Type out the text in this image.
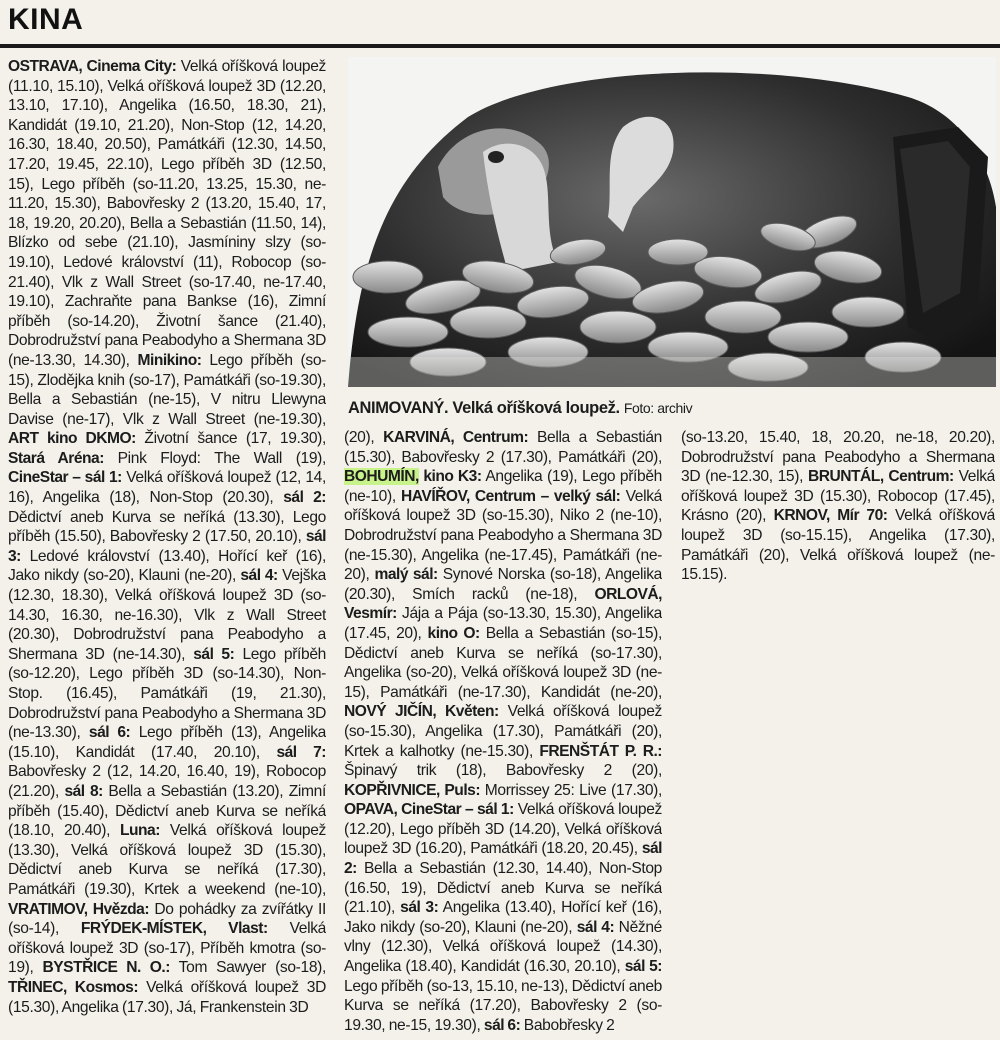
KINA

OSTRAVA, Cinema City: Velká oříšková loupež (11.10, 15.10), Velká oříšková loupež 3D (12.20, 13.10, 17.10), Angelika (16.50, 18.30, 21), Kandidát (19.10, 21.20), Non-Stop (12, 14.20, 16.30, 18.40, 20.50), Památkáři (12.30, 14.50, 17.20, 19.45, 22.10), Lego příběh 3D (12.50, 15), Lego příběh (so-11.20, 13.25, 15.30, ne-11.20, 15.30), Babovřesky 2 (13.20, 15.40, 17, 18, 19.20, 20.20), Bella a Sebastián (11.50, 14), Blízko od sebe (21.10), Jasmíniny slzy (so-19.10), Ledové království (11), Robocop (so-21.40), Vlk z Wall Street (so-17.40, ne-17.40, 19.10), Zachraňte pana Bankse (16), Zimní příběh (so-14.20), Životní šance (21.40), Dobrodružství pana Peabodyho a Shermana 3D (ne-13.30, 14.30), Minikino: Lego příběh (so-15), Zlodějka knih (so-17), Památkáři (so-19.30), Bella a Sebastián (ne-15), V nitru Llewyna Davise (ne-17), Vlk z Wall Street (ne-19.30), ART kino DKMO: Životní šance (17, 19.30), Stará Aréna: Pink Floyd: The Wall (19), CineStar – sál 1: Velká oříšková loupež (12, 14, 16), Angelika (18), Non-Stop (20.30), sál 2: Dědictví aneb Kurva se neříká (13.30), Lego příběh (15.50), Babovřesky 2 (17.50, 20.10), sál 3: Ledové království (13.40), Hořící keř (16), Jako nikdy (so-20), Klauni (ne-20), sál 4: Vejška (12.30, 18.30), Velká oříšková loupež 3D (so-14.30, 16.30, ne-16.30), Vlk z Wall Street (20.30), Dobrodružství pana Peabodyho a Shermana 3D (ne-14.30), sál 5: Lego příběh (so-12.20), Lego příběh 3D (so-14.30), Non-Stop. (16.45), Památkáři (19, 21.30), Dobrodružství pana Peabodyho a Shermana 3D (ne-13.30), sál 6: Lego příběh (13), Angelika (15.10), Kandidát (17.40, 20.10), sál 7: Babovřesky 2 (12, 14.20, 16.40, 19), Robocop (21.20), sál 8: Bella a Sebastián (13.20), Zimní příběh (15.40), Dědictví aneb Kurva se neříká (18.10, 20.40), Luna: Velká oříšková loupež (13.30), Velká oříšková loupež 3D (15.30), Dědictví aneb Kurva se neříká (17.30), Památkáři (19.30), Krtek a weekend (ne-10), VRATIMOV, Hvězda: Do pohádky za zvířátky II (so-14), FRÝDEK-MÍSTEK, Vlast: Velká oříšková loupež 3D (so-17), Příběh kmotra (so-19), BYSTŘICE N. O.: Tom Sawyer (so-18), TŘINEC, Kosmos: Velká oříšková loupež 3D (15.30), Angelika (17.30), Já, Frankenstein 3D

(20), KARVINÁ, Centrum: Bella a Sebastián (15.30), Babovřesky 2 (17.30), Památkáři (20), BOHUMÍN, kino K3: Angelika (19), Lego příběh (ne-10), HAVÍŘOV, Centrum – velký sál: Velká oříšková loupež 3D (so-15.30), Niko 2 (ne-10), Dobrodružství pana Peabodyho a Shermana 3D (ne-15.30), Angelika (ne-17.45), Památkáři (ne-20), malý sál: Synové Norska (so-18), Angelika (20.30), Smích racků (ne-18), ORLOVÁ, Vesmír: Jája a Pája (so-13.30, 15.30), Angelika (17.45, 20), kino O: Bella a Sebastián (so-15), Dědictví aneb Kurva se neříká (so-17.30), Angelika (so-20), Velká oříšková loupež 3D (ne-15), Památkáři (ne-17.30), Kandidát (ne-20), NOVÝ JIČÍN, Květen: Velká oříšková loupež (so-15.30), Angelika (17.30), Památkáři (20), Krtek a kalhotky (ne-15.30), FRENŠTÁT P. R.: Špinavý trik (18), Babovřesky 2 (20), KOPŘIVNICE, Puls: Morrissey 25: Live (17.30), OPAVA, CineStar – sál 1: Velká oříšková loupež (12.20), Lego příběh 3D (14.20), Velká oříšková loupež 3D (16.20), Památkáři (18.20, 20.45), sál 2: Bella a Sebastián (12.30, 14.40), Non-Stop (16.50, 19), Dědictví aneb Kurva se neříká (21.10), sál 3: Angelika (13.40), Hořící keř (16), Jako nikdy (so-20), Klauni (ne-20), sál 4: Něžné vlny (12.30), Velká oříšková loupež (14.30), Angelika (18.40), Kandidát (16.30, 20.10), sál 5: Lego příběh (so-13, 15.10, ne-13), Dědictví aneb Kurva se neříká (17.20), Babovřesky 2 (so-19.30, ne-15, 19.30), sál 6: Babobřesky 2

(so-13.20, 15.40, 18, 20.20, ne-18, 20.20), Dobrodružství pana Peabodyho a Shermana 3D (ne-12.30, 15), BRUNTÁL, Centrum: Velká oříšková loupež 3D (15.30), Robocop (17.45), Krásno (20), KRNOV, Mír 70: Velká oříšková loupež 3D (so-15.15), Angelika (17.30), Památkáři (20), Velká oříšková loupež (ne-15.15).

ANIMOVANÝ. Velká oříšková loupež. Foto: archiv
